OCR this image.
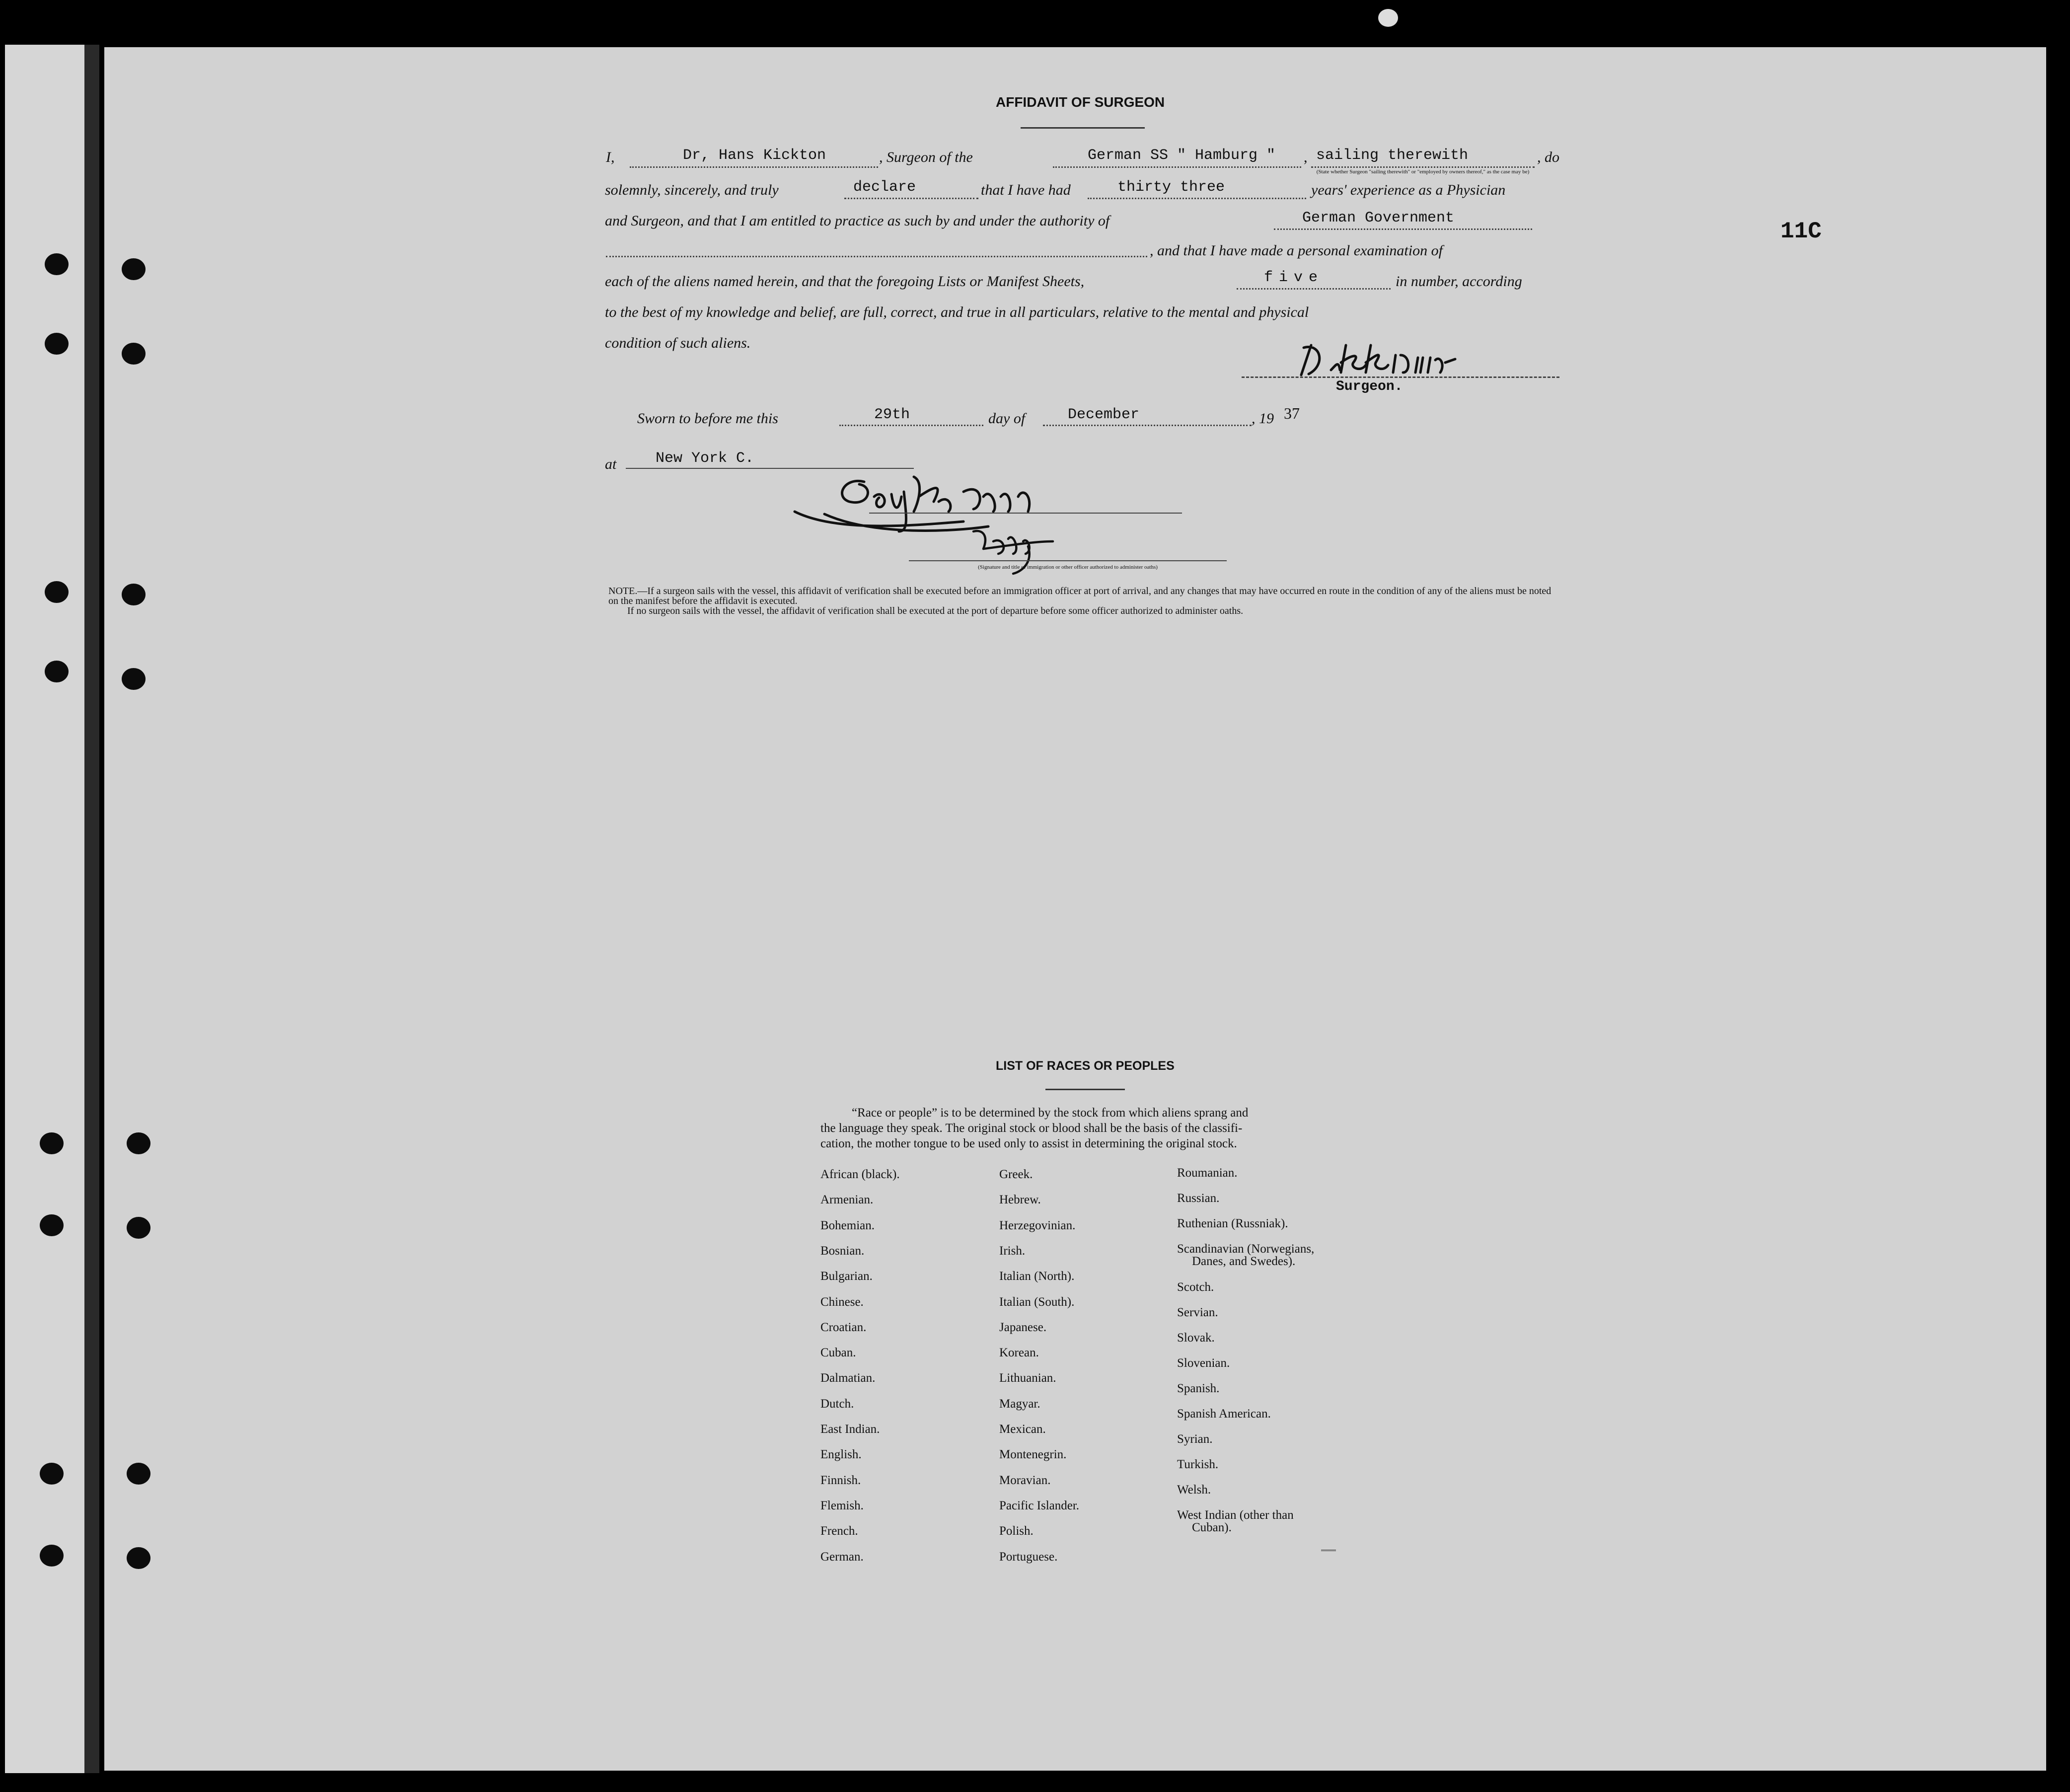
11C
AFFIDAVIT OF SURGEON
I,	Dr, Hans Kickton	, Surgeon of the	German SS " Hamburg " , sailing therewith	, do
(State whether Surgeon "sailing therewith" or "employed by owners thereof," as the case may be)
solemnly, sincerely, and truly	declare	that I have had	thirty three	years' experience as a Physician
and Surgeon, and that I am entitled to practice as such by and under the authority of	German Government
, and that I have made a personal examination of
each of the aliens named herein, and that the foregoing Lists or Manifest Sheets,	five	in number, according
to the best of my knowledge and belief, are full, correct, and true in all particulars, relative to the mental and physical
condition of such aliens.
Surgeon.
Sworn to before me this	29th	day of	December	, 19 37
at	New York C.
(Signature and title of immigration or other officer authorized to administer oaths)
NOTE.—If a surgeon sails with the vessel, this affidavit of verification shall be executed before an immigration officer at port of arrival, and any changes that may have occurred en route in the condition of any of the aliens must be noted on the manifest before the affidavit is executed.
If no surgeon sails with the vessel, the affidavit of verification shall be executed at the port of departure before some officer authorized to administer oaths.
LIST OF RACES OR PEOPLES
“Race or people” is to be determined by the stock from which aliens sprang and
the language they speak. The original stock or blood shall be the basis of the classifi-
cation, the mother tongue to be used only to assist in determining the original stock.
African (black).
Armenian.
Bohemian.
Bosnian.
Bulgarian.
Chinese.
Croatian.
Cuban.
Dalmatian.
Dutch.
East Indian.
English.
Finnish.
Flemish.
French.
German.
Greek.
Hebrew.
Herzegovinian.
Irish.
Italian (North).
Italian (South).
Japanese.
Korean.
Lithuanian.
Magyar.
Mexican.
Montenegrin.
Moravian.
Pacific Islander.
Polish.
Portuguese.
Roumanian.
Russian.
Ruthenian (Russniak).
Scandinavian (Norwegians,
Danes, and Swedes).
Scotch.
Servian.
Slovak.
Slovenian.
Spanish.
Spanish American.
Syrian.
Turkish.
Welsh.
West Indian (other than
Cuban).
